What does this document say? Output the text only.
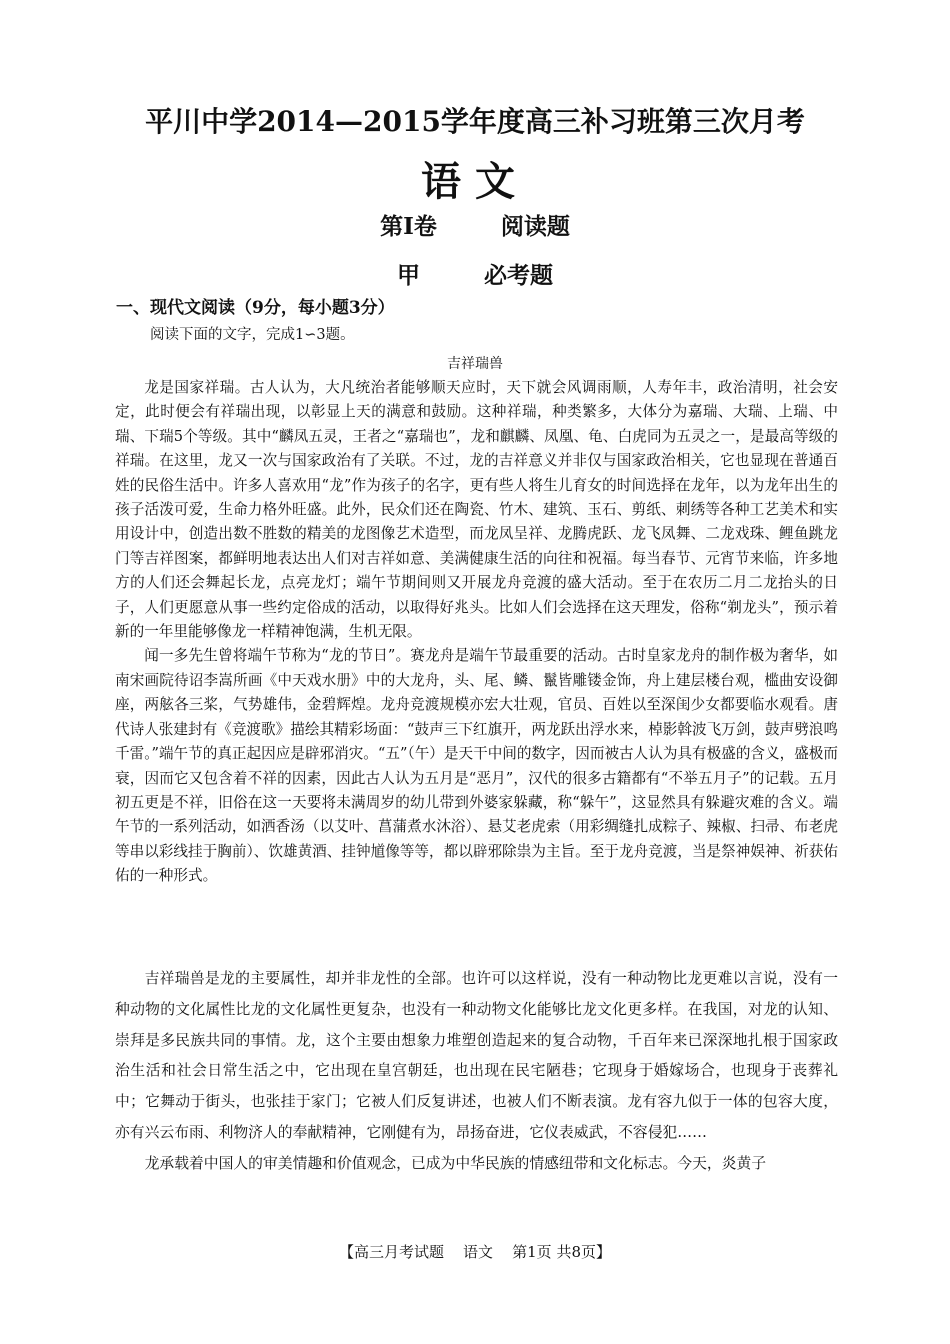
平川中学2014—2015学年度高三补习班第三次月考
语文
第Ⅰ卷        阅读题
甲        必考题
一、现代文阅读（9分，每小题3分）
阅读下面的文字，完成1∽3题。
吉祥瑞兽

龙是国家祥瑞。古人认为，大凡统治者能够顺天应时，天下就会风调雨顺，人寿年丰，政治清明，社会安定，此时便会有祥瑞出现，以彰显上天的满意和鼓励。这种祥瑞，种类繁多，大体分为嘉瑞、大瑞、上瑞、中瑞、下瑞5个等级。其中“麟凤五灵，王者之“嘉瑞也”，龙和麒麟、凤凰、龟、白虎同为五灵之一，是最高等级的祥瑞。在这里，龙又一次与国家政治有了关联。不过，龙的吉祥意义并非仅与国家政治相关，它也显现在普通百姓的民俗生活中。许多人喜欢用“龙”作为孩子的名字，更有些人将生儿育女的时间选择在龙年，以为龙年出生的孩子活泼可爱，生命力格外旺盛。此外，民众们还在陶瓷、竹木、建筑、玉石、剪纸、刺绣等各种工艺美术和实用设计中，创造出数不胜数的精美的龙图像艺术造型，而龙凤呈祥、龙腾虎跃、龙飞凤舞、二龙戏珠、鲤鱼跳龙门等吉祥图案，都鲜明地表达出人们对吉祥如意、美满健康生活的向往和祝福。每当春节、元宵节来临，许多地方的人们还会舞起长龙，点亮龙灯；端午节期间则又开展龙舟竞渡的盛大活动。至于在农历二月二龙抬头的日子，人们更愿意从事一些约定俗成的活动，以取得好兆头。比如人们会选择在这天理发，俗称“剃龙头”，预示着新的一年里能够像龙一样精神饱满，生机无限。

闻一多先生曾将端午节称为“龙的节日”。赛龙舟是端午节最重要的活动。古时皇家龙舟的制作极为奢华，如南宋画院待诏李嵩所画《中天戏水册》中的大龙舟，头、尾、鳞、鬣皆雕镂金饰，舟上建层楼台观，槛曲安设御座，两舷各三桨，气势雄伟，金碧辉煌。龙舟竞渡规模亦宏大壮观，官员、百姓以至深闺少女都要临水观看。唐代诗人张建封有《竞渡歌》描绘其精彩场面：“鼓声三下红旗开，两龙跃出浮水来，棹影斡波飞万剑，鼓声劈浪鸣千雷。”端午节的真正起因应是辟邪消灾。“五”（午）是天干中间的数字，因而被古人认为具有极盛的含义，盛极而衰，因而它又包含着不祥的因素，因此古人认为五月是“恶月”，汉代的很多古籍都有“不举五月子”的记载。五月初五更是不祥，旧俗在这一天要将未满周岁的幼儿带到外婆家躲藏，称“躲午”，这显然具有躲避灾难的含义。端午节的一系列活动，如洒香汤（以艾叶、菖蒲煮水沐浴）、悬艾老虎索（用彩绸缝扎成粽子、辣椒、扫帚、布老虎等串以彩线挂于胸前）、饮雄黄酒、挂钟馗像等等，都以辟邪除祟为主旨。至于龙舟竞渡，当是祭神娱神、祈获佑佑的一种形式。

吉祥瑞兽是龙的主要属性，却并非龙性的全部。也许可以这样说，没有一种动物比龙更难以言说，没有一种动物的文化属性比龙的文化属性更复杂，也没有一种动物文化能够比龙文化更多样。在我国，对龙的认知、崇拜是多民族共同的事情。龙，这个主要由想象力堆塑创造起来的复合动物，千百年来已深深地扎根于国家政治生活和社会日常生活之中，它出现在皇宫朝廷，也出现在民宅陋巷；它现身于婚嫁场合，也现身于丧葬礼中；它舞动于街头，也张挂于家门；它被人们反复讲述，也被人们不断表演。龙有容九似于一体的包容大度，亦有兴云布雨、利物济人的奉献精神，它刚健有为，昂扬奋进，它仪表威武，不容侵犯……

龙承载着中国人的审美情趣和价值观念，已成为中华民族的情感纽带和文化标志。今天，炎黄子

【高三月考试题    语文    第1页 共8页】
